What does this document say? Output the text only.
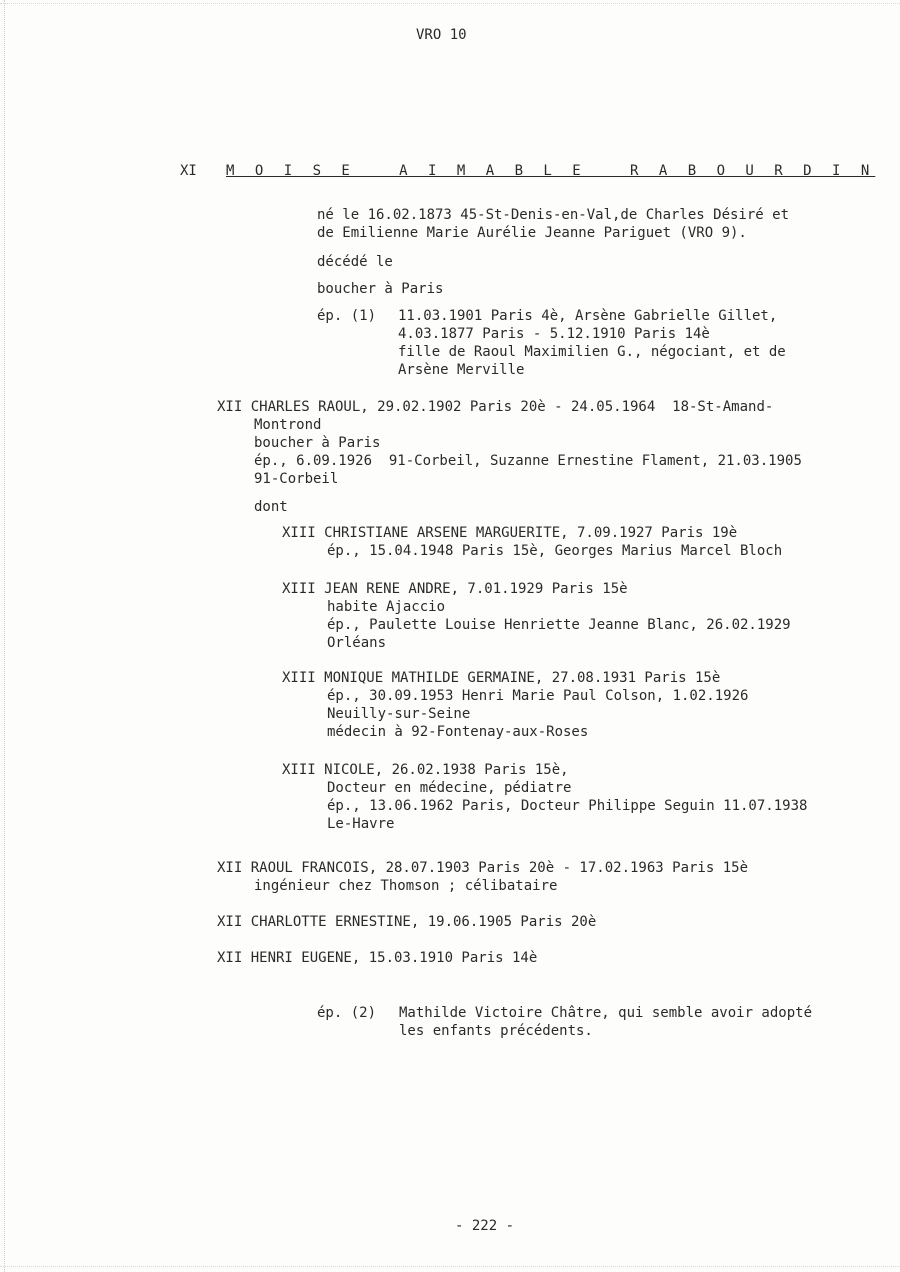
VRO 10
XI M O I S E   A I M A B L E   R A B O U R D I N
né le 16.02.1873 45-St-Denis-en-Val,de Charles Désiré et
de Emilienne Marie Aurélie Jeanne Pariguet (VRO 9).
décédé le
boucher à Paris
ép. (1) 11.03.1901 Paris 4è, Arsène Gabrielle Gillet,
4.03.1877 Paris - 5.12.1910 Paris 14è
fille de Raoul Maximilien G., négociant, et de
Arsène Merville
XII CHARLES RAOUL, 29.02.1902 Paris 20è - 24.05.1964  18-St-Amand-
Montrond
boucher à Paris
ép., 6.09.1926  91-Corbeil, Suzanne Ernestine Flament, 21.03.1905
91-Corbeil
dont
XIII CHRISTIANE ARSENE MARGUERITE, 7.09.1927 Paris 19è
ép., 15.04.1948 Paris 15è, Georges Marius Marcel Bloch
XIII JEAN RENE ANDRE, 7.01.1929 Paris 15è
habite Ajaccio
ép., Paulette Louise Henriette Jeanne Blanc, 26.02.1929
Orléans
XIII MONIQUE MATHILDE GERMAINE, 27.08.1931 Paris 15è
ép., 30.09.1953 Henri Marie Paul Colson, 1.02.1926
Neuilly-sur-Seine
médecin à 92-Fontenay-aux-Roses
XIII NICOLE, 26.02.1938 Paris 15è,
Docteur en médecine, pédiatre
ép., 13.06.1962 Paris, Docteur Philippe Seguin 11.07.1938
Le-Havre
XII RAOUL FRANCOIS, 28.07.1903 Paris 20è - 17.02.1963 Paris 15è
ingénieur chez Thomson ; célibataire
XII CHARLOTTE ERNESTINE, 19.06.1905 Paris 20è
XII HENRI EUGENE, 15.03.1910 Paris 14è
ép. (2) Mathilde Victoire Châtre, qui semble avoir adopté
les enfants précédents.
- 222 -
